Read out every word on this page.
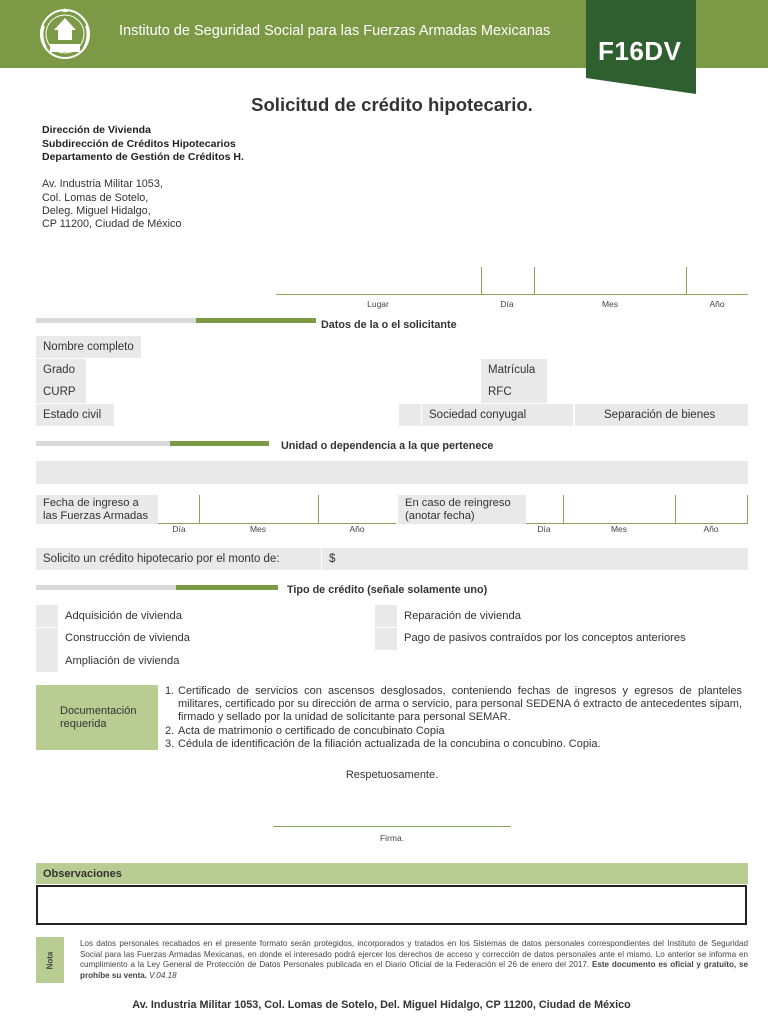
Instituto de Seguridad Social para las Fuerzas Armadas Mexicanas
F16DV
Solicitud de crédito hipotecario.
Dirección de Vivienda
Subdirección de Créditos Hipotecarios
Departamento de Gestión de Créditos H.
Av. Industria Militar 1053,
Col. Lomas de Sotelo,
Deleg. Miguel Hidalgo,
CP 11200, Ciudad de México
Lugar	Día	Mes	Año
Datos de la o el solicitante
Nombre completo
Grado	Matrícula
CURP	RFC
Estado civil	Sociedad conyugal	Separación de bienes
Unidad o dependencia a la que pertenece
Fecha de ingreso a
las Fuerzas Armadas
Día	Mes	Año
En caso de reingreso
(anotar fecha)
Día	Mes	Año
Solicito un crédito hipotecario por el monto de:	$
Tipo de crédito (señale solamente uno)
Adquisición de vivienda
Construcción de vivienda
Ampliación de vivienda
Reparación de vivienda
Pago de pasivos contraídos por los conceptos anteriores
Documentación
requerida
1. Certificado de servicios con ascensos desglosados, conteniendo fechas de ingresos y egresos de planteles militares, certificado por su dirección de arma o servicio, para personal SEDENA ó extracto de antecedentes sipam, firmado y sellado por la unidad de solicitante para personal SEMAR.
2. Acta de matrimonio o certificado de concubinato Copia
3. Cédula de identificación de la filiación actualizada de la concubina o concubino. Copia.
Respetuosamente.
Firma.
Observaciones
Nota
Los datos personales recabados en el presente formato serán protegidos, incorporados y tratados en los Sistemas de datos personales correspondientes del Instituto de Seguridad Social para las Fuerzas Armadas Mexicanas, en donde el interesado podrá ejercer los derechos de acceso y corrección de datos personales ante el mismo. Lo anterior se informa en cumplimiento a la Ley General de Protección de Datos Personales publicada en el Diario Oficial de la Federación el 26 de enero del 2017. Este documento es oficial y gratuito, se prohíbe su venta. V.04.18
Av. Industria Militar 1053, Col. Lomas de Sotelo, Del. Miguel Hidalgo, CP 11200, Ciudad de México
